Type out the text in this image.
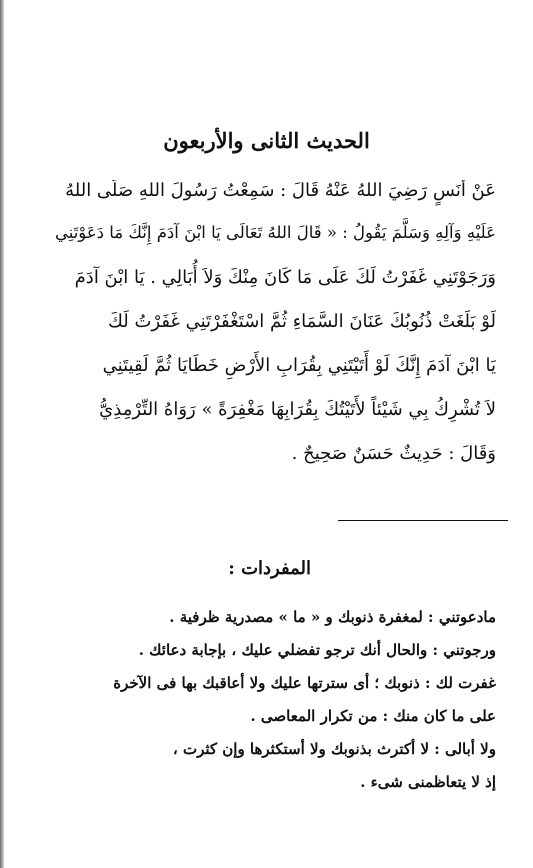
الحديث الثانى والأربعون
عَنْ أَنَسٍ رَضِيَ اللهُ عَنْهُ قَالَ : سَمِعْتُ رَسُولَ اللهِ صَلَّى اللهُ
عَلَيْهِ وَآلِهِ وَسَلَّمَ يَقُولُ : « قَالَ اللهُ تَعَالَى يَا ابْنَ آدَمَ إِنَّكَ مَا دَعَوْتَنِي
وَرَجَوْتَنِي غَفَرْتُ لَكَ عَلَى مَا كَانَ مِنْكَ وَلاَ أُبَالِي . يَا ابْنَ آدَمَ
لَوْ بَلَغَتْ ذُنُوبُكَ عَنَانَ السَّمَاءِ ثُمَّ اسْتَغْفَرْتَنِي غَفَرْتُ لَكَ
يَا ابْنَ آدَمَ إِنَّكَ لَوْ أَتَيْتَنِي بِقُرَابِ الأَرْضِ خَطَايَا ثُمَّ لَقِيتَنِي
لاَ تُشْرِكُ بِي شَيْئاً لأَتَيْتُكَ بِقُرَابِهَا مَغْفِرَةً » رَوَاهُ التِّرْمِذِيُّ
وَقَالَ : حَدِيثٌ حَسَنٌ صَحِيحٌ .
المفردات :
مادعوتني : لمغفرة ذنوبك و « ما » مصدرية ظرفية .
ورجوتني : والحال أنك ترجو تفضلي عليك ، بإجابة دعائك .
غفرت لك : ذنوبك ؛ أى سترتها عليك ولا أعاقبك بها فى الآخرة
على ما كان منك : من تكرار المعاصى .
ولا أبالى : لا أكترث بذنوبك ولا أستكثرها وإن كثرت ،
إذ لا يتعاظمنى شىء .
